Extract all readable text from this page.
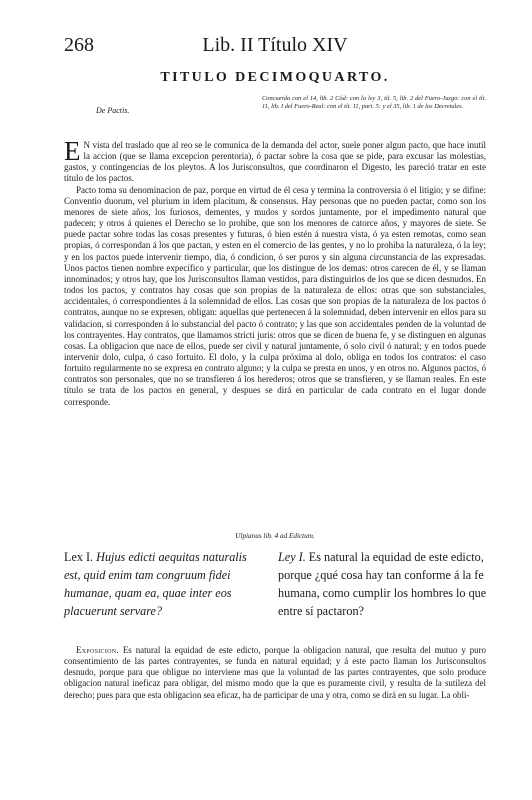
268	Lib. II Título XIV
TITULO DECIMOQUARTO.
De Pactis.
Concuerda con el 14, lib. 2 Cód: con la ley 3, tít. 5, lib. 2 del Fuero-Juzgo: con el tít. 11, lib. I del Fuero-Real: con el tít. 11, part. 5: y el 35, lib. 1 de los Decretales.

E N vista del traslado que al reo se le comunica de la demanda del actor, suele poner algun pacto, que hace inutil la accion (que se llama excepcion perentoria), ó pactar sobre la cosa que se pide, para excusar las molestias, gastos, y contingencias de los pleytos. A los Jurisconsultos, que coordinaron el Digesto, les pareció tratar en este título de los pactos.

Pacto toma su denominacion de paz, porque en virtud de él cesa y termina la controversia ó el litigio; y se difine: Conventio duorum, vel plurium in idem placitum, & consensus. Hay personas que no pueden pactar, como son los menores de siete años, los furiosos, dementes, y mudos y sordos juntamente, por el impedimento natural que padecen; y otros á quienes el Derecho se lo prohibe, que son los menores de catorce años, y mayores de siete. Se puede pactar sobre todas las cosas presentes y futuras, ó bien estén á nuestra vista, ó ya esten remotas, como sean propias, ó correspondan á los que pactan, y esten en el comercio de las gentes, y no lo prohiba la naturaleza, ó la ley; y en los pactos puede intervenir tiempo, dia, ó condicion, ó ser puros y sin alguna circunstancia de las expresadas. Unos pactos tienen nombre expecífico y particular, que los distingue de los demas: otros carecen de él, y se llaman innominados; y otros hay, que los Jurisconsultos llaman vestidos, para distinguirlos de los que se dicen desnudos. En todos los pactos, y contratos hay cosas que son propias de la naturaleza de ellos: otras que son substanciales, accidentales, ó correspondientes á la solemnidad de ellos. Las cosas que son propias de la naturaleza de los pactos ó contratos, aunque no se expresen, obligan: aquellas que pertenecen á la solemnidad, deben intervenir en ellos para su validacion, si corresponden á lo substancial del pacto ó contrato; y las que son accidentales penden de la voluntad de los contrayentes. Hay contratos, que llamamos stricti juris: otros que se dicen de buena fe, y se distinguen en algunas cosas. La obligacion que nace de ellos, puede ser civil y natural juntamente, ó solo civil ó natural; y en todos puede intervenir dolo, culpa, ó caso fortuito. El dolo, y la culpa próxima al dolo, obliga en todos los contratos: el caso fortuito regularmente no se expresa en contrato alguno; y la culpa se presta en unos, y en otros no. Algunos pactos, ó contratos son personales, que no se transfieren á los herederos; otros que se transfieren, y se llaman reales. En este título se trata de los pactos en general, y despues se dirá en particular de cada contrato en el lugar donde corresponde.

Ulpianus lib. 4 ad Edictum.
Lex I. Hujus edicti aequitas naturalis est, quid enim tam congruum fidei humanae, quam ea, quae inter eos placuerunt servare?
Ley I. Es natural la equidad de este edicto, porque ¿qué cosa hay tan conforme á la fe humana, como cumplir los hombres lo que entre sí pactaron?

Exposicion. Es natural la equidad de este edicto, porque la obligacion natural, que resulta del mutuo y puro consentimiento de las partes contrayentes, se funda en natural equidad; y á este pacto llaman los Jurisconsultos desnudo, porque para que obligue no interviene mas que la voluntad de las partes contrayentes, que solo produce obligacion natural ineficaz para obligar, del mismo modo que la que es puramente civil, y resulta de la sutileza del derecho; pues para que esta obligacion sea eficaz, ha de participar de una y otra, como se dirá en su lugar. La obli-
